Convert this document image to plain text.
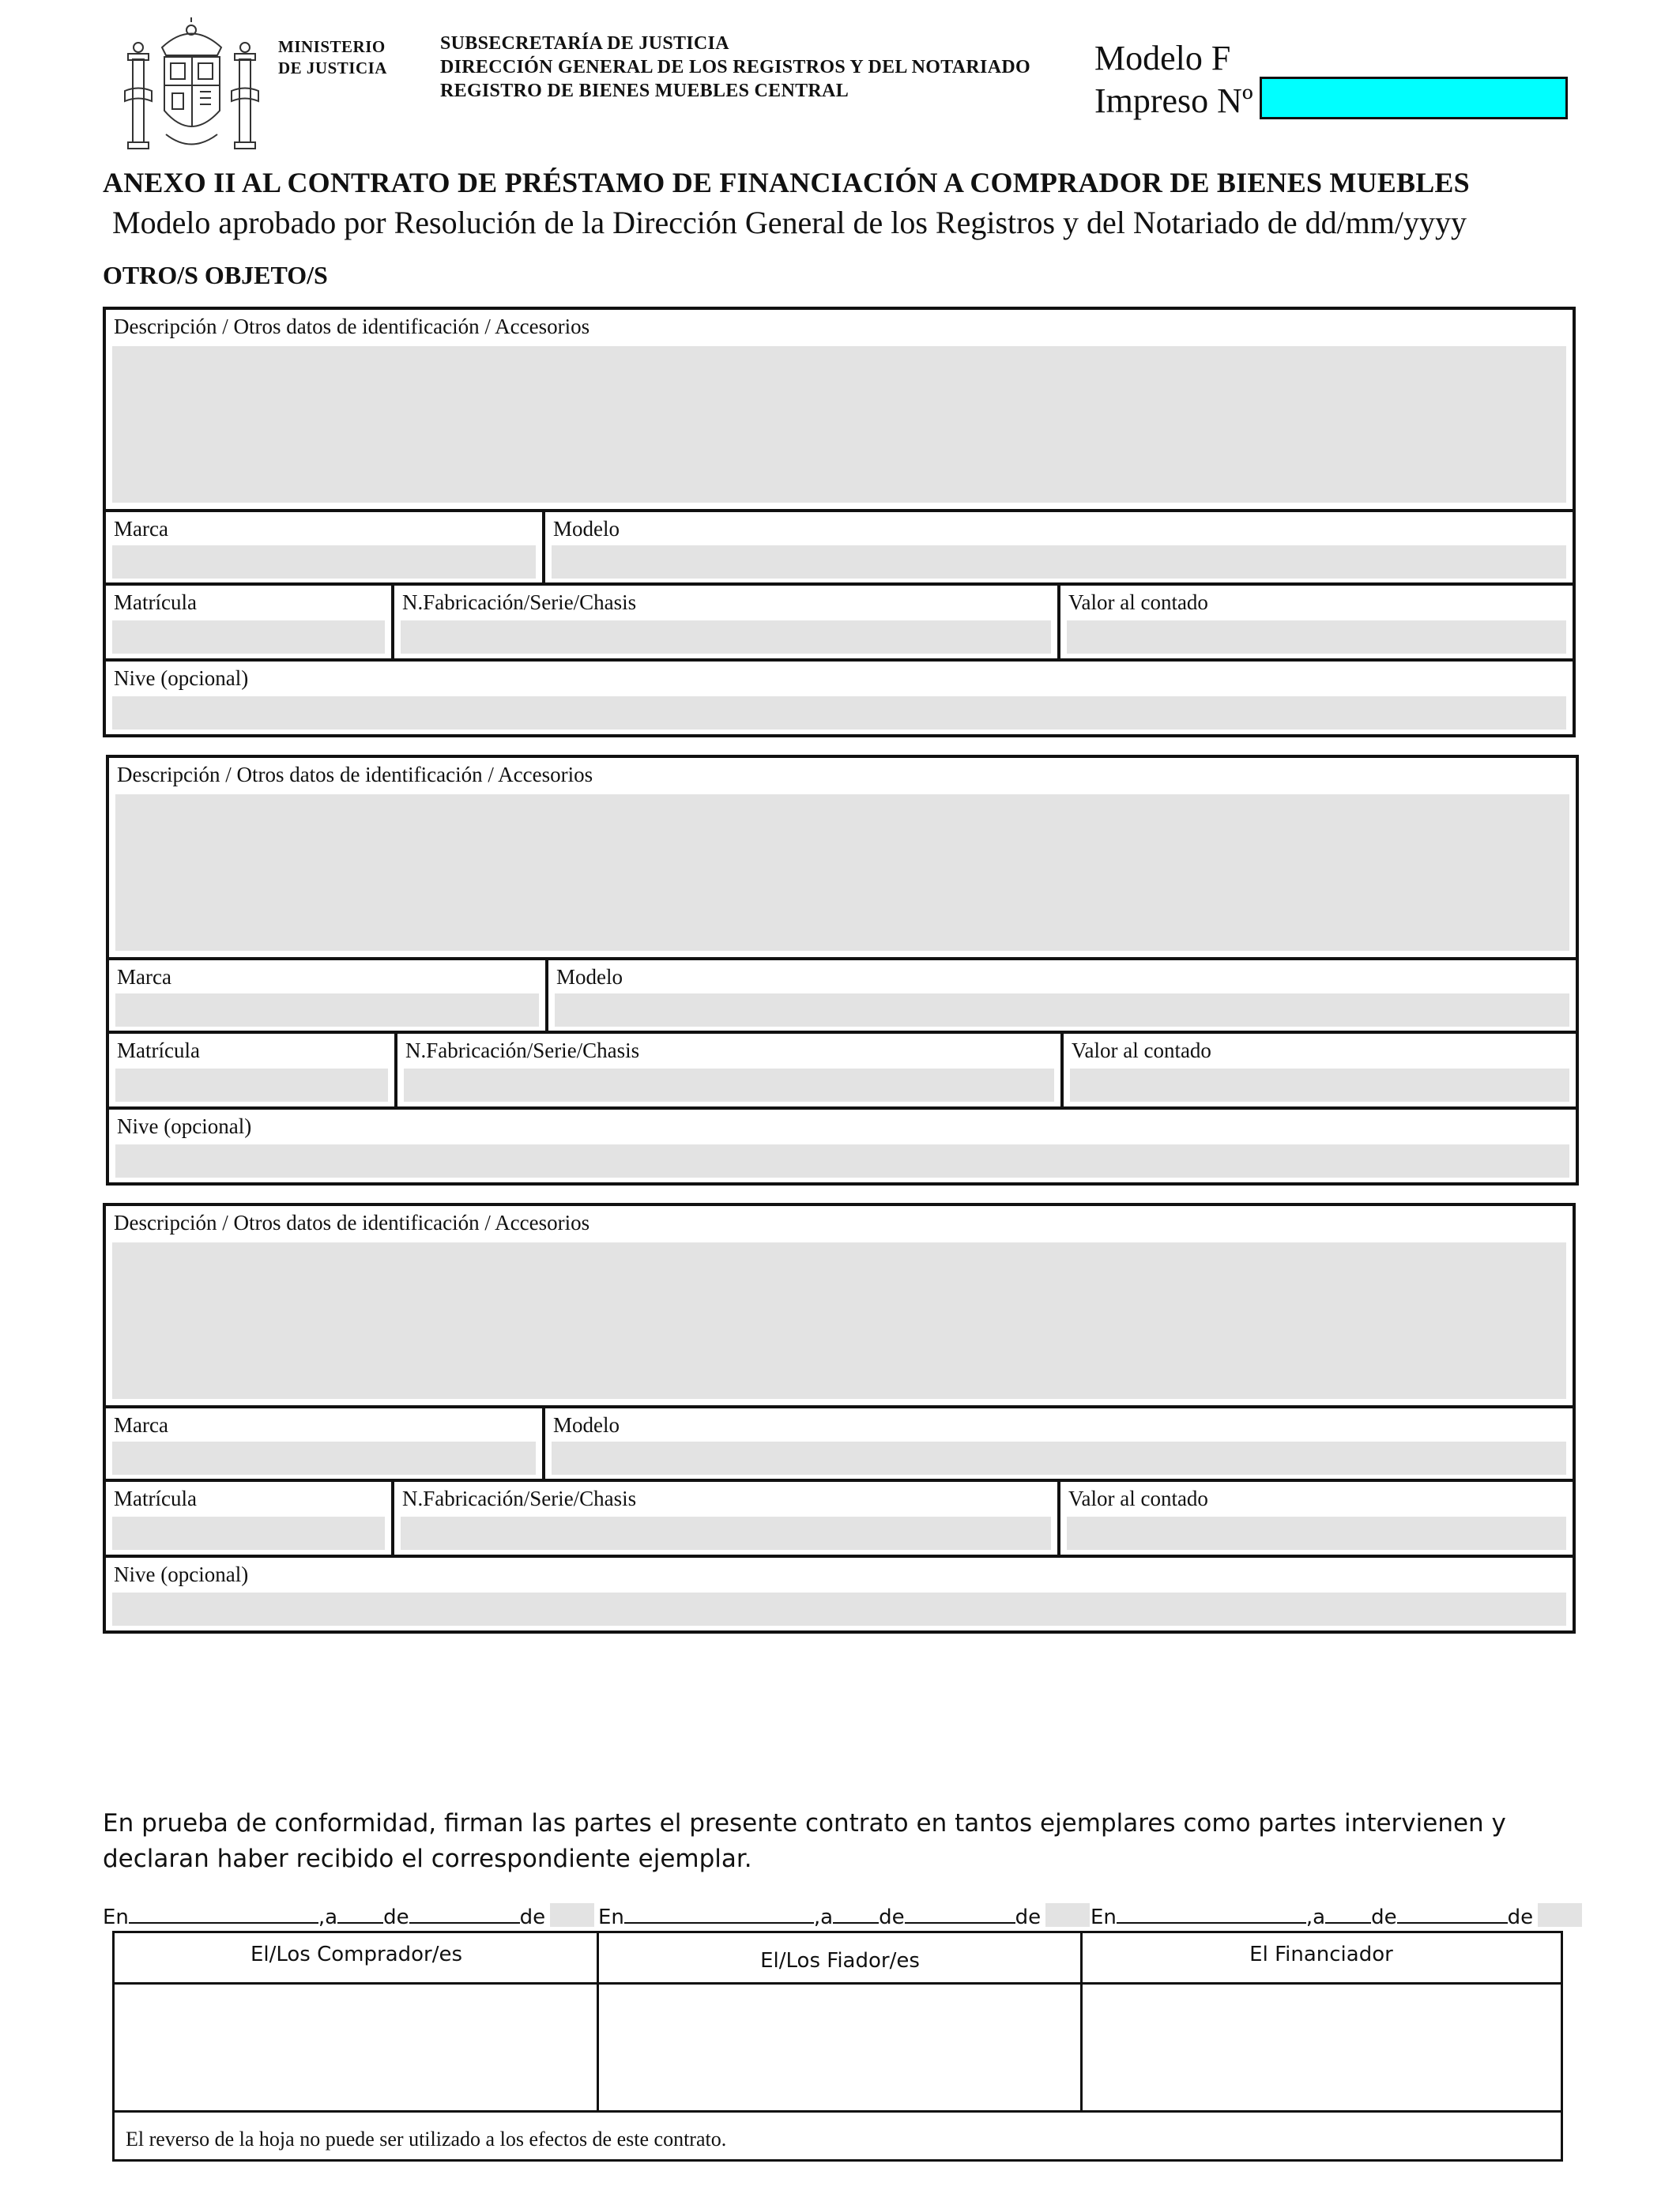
MINISTERIO
DE JUSTICIA
SUBSECRETARÍA DE JUSTICIA
DIRECCIÓN GENERAL DE LOS REGISTROS Y DEL NOTARIADO
REGISTRO DE BIENES MUEBLES CENTRAL
Modelo F
Impreso Nº
ANEXO II AL CONTRATO DE PRÉSTAMO DE FINANCIACIÓN A COMPRADOR DE BIENES MUEBLES
Modelo aprobado por Resolución de la Dirección General de los Registros y del Notariado de dd/mm/yyyy
OTRO/S OBJETO/S
Descripción / Otros datos de identificación / Accesorios
Marca	Modelo
Matrícula	N.Fabricación/Serie/Chasis	Valor al contado
Nive (opcional)
Descripción / Otros datos de identificación / Accesorios
Marca	Modelo
Matrícula	N.Fabricación/Serie/Chasis	Valor al contado
Nive (opcional)
Descripción / Otros datos de identificación / Accesorios
Marca	Modelo
Matrícula	N.Fabricación/Serie/Chasis	Valor al contado
Nive (opcional)
En prueba de conformidad, firman las partes el presente contrato en tantos ejemplares como partes intervienen y declaran haber recibido el correspondiente ejemplar.
En	,a de	de	En	,a de	de	En	,a de	de
El/Los Comprador/es	El/Los Fiador/es	El Financiador
El reverso de la hoja no puede ser utilizado a los efectos de este contrato.
